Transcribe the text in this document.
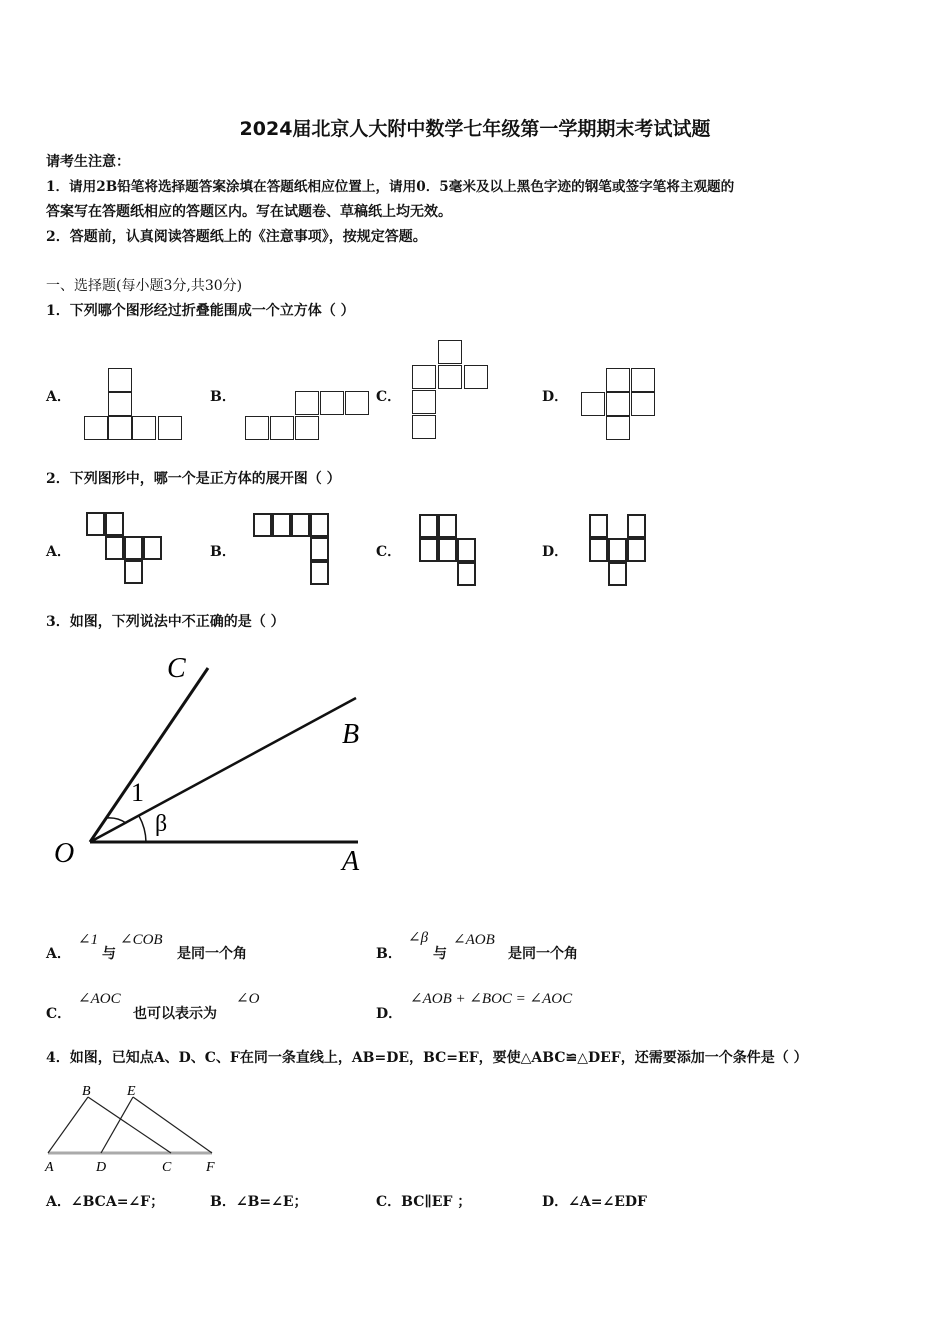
2024届北京人大附中数学七年级第一学期期末考试试题
请考生注意：
1．请用2B铅笔将选择题答案涂填在答题纸相应位置上，请用0．5毫米及以上黑色字迹的钢笔或签字笔将主观题的
答案写在答题纸相应的答题区内。写在试题卷、草稿纸上均无效。
2．答题前，认真阅读答题纸上的《注意事项》，按规定答题。
一、选择题(每小题3分,共30分)
1．下列哪个图形经过折叠能围成一个立方体（ ）
A．	B．	C．	D．
2．下列图形中，哪一个是正方体的展开图（ ）
A．	B．	C．	D．
3．如图，下列说法中不正确的是（ ）
C
B
1
β
O	A
A．
∠1
与
∠COB
是同一个角	B．
∠β
与
∠AOB
是同一个角
C．
∠AOC
也可以表示为
∠O
D．
∠AOB + ∠BOC = ∠AOC
4．如图，已知点A、D、C、F在同一条直线上，AB=DE，BC=EF，要使△ABC≌△DEF，还需要添加一个条件是（ ）
B	E
A	D	C F
A．∠BCA=∠F；	B．∠B=∠E；	C．BC∥EF ；	D．∠A=∠EDF
